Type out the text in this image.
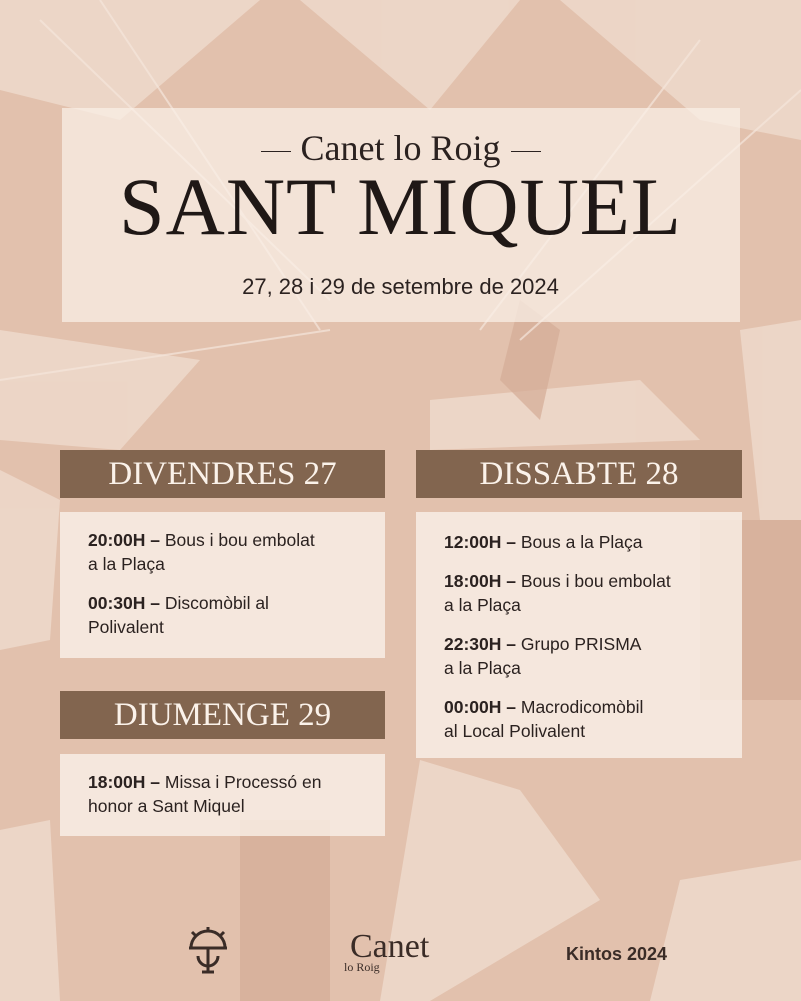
Canet lo Roig
SANT MIQUEL
27, 28 i 29 de setembre de 2024
DIVENDRES 27
20:00H – Bous i bou embolat
a la Plaça
00:30H – Discomòbil al
Polivalent
DIUMENGE 29
18:00H – Missa i Processó en
honor a Sant Miquel
DISSABTE 28
12:00H – Bous a la Plaça
18:00H – Bous i bou embolat
a la Plaça
22:30H – Grupo PRISMA
a la Plaça
00:00H – Macrodicomòbil
al Local Polivalent
Canet
lo Roig
Kintos 2024
